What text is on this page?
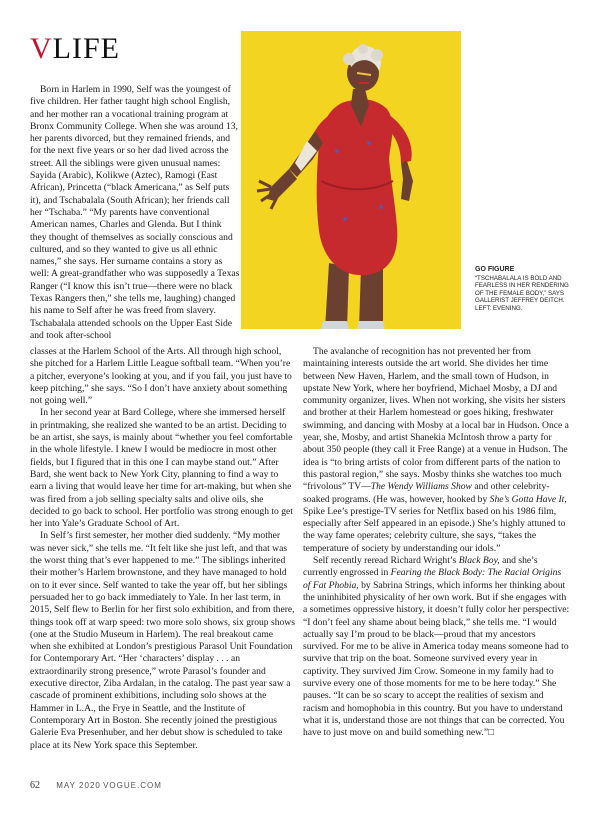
VLIFE
GO FIGURE
“TSCHABALALA IS BOLD AND FEARLESS IN HER RENDERING OF THE FEMALE BODY,” SAYS GALLERIST JEFFREY DEITCH. LEFT: EVENING.

Born in Harlem in 1990, Self was the youngest of five children. Her father taught high school English, and her mother ran a vocational training program at Bronx Community College. When she was around 13, her parents divorced, but they remained friends, and for the next five years or so her dad lived across the street. All the siblings were given unusual names: Sayida (Arabic), Kolikwe (Aztec), Ramogi (East African), Princetta (“black Americana,” as Self puts it), and Tschabalala (South African); her friends call her “Tschaba.” “My parents have conventional American names, Charles and Glenda. But I think they thought of themselves as socially conscious and cultured, and so they wanted to give us all ethnic names,” she says. Her surname contains a story as well: A great-grandfather who was supposedly a Texas Ranger (“I know this isn’t true—there were no black Texas Rangers then,” she tells me, laughing) changed his name to Self after he was freed from slavery. Tschabalala attended schools on the Upper East Side and took after-school

classes at the Harlem School of the Arts. All through high school, she pitched for a Harlem Little League softball team. “When you’re a pitcher, everyone’s looking at you, and if you fail, you just have to keep pitching,” she says. “So I don’t have anxiety about something not going well.”

In her second year at Bard College, where she immersed herself in printmaking, she realized she wanted to be an artist. Deciding to be an artist, she says, is mainly about “whether you feel comfortable in the whole lifestyle. I knew I would be mediocre in most other fields, but I figured that in this one I can maybe stand out.” After Bard, she went back to New York City, planning to find a way to earn a living that would leave her time for art-making, but when she was fired from a job selling specialty salts and olive oils, she decided to go back to school. Her portfolio was strong enough to get her into Yale’s Graduate School of Art.

In Self’s first semester, her mother died suddenly. “My mother was never sick,” she tells me. “It felt like she just left, and that was the worst thing that’s ever happened to me.” The siblings inherited their mother’s Harlem brownstone, and they have managed to hold on to it ever since. Self wanted to take the year off, but her siblings persuaded her to go back immediately to Yale. In her last term, in 2015, Self flew to Berlin for her first solo exhibition, and from there, things took off at warp speed: two more solo shows, six group shows (one at the Studio Museum in Harlem). The real breakout came when she exhibited at London’s prestigious Parasol Unit Foundation for Contemporary Art. “Her ‘characters’ display . . . an extraordinarily strong presence,” wrote Parasol’s founder and executive director, Ziba Ardalan, in the catalog. The past year saw a cascade of prominent exhibitions, including solo shows at the Hammer in L.A., the Frye in Seattle, and the Institute of Contemporary Art in Boston. She recently joined the prestigious Galerie Eva Presenhuber, and her debut show is scheduled to take place at its New York space this September.

The avalanche of recognition has not prevented her from maintaining interests outside the art world. She divides her time between New Haven, Harlem, and the small town of Hudson, in upstate New York, where her boyfriend, Michael Mosby, a DJ and community organizer, lives. When not working, she visits her sisters and brother at their Harlem homestead or goes hiking, freshwater swimming, and dancing with Mosby at a local bar in Hudson. Once a year, she, Mosby, and artist Shanekia McIntosh throw a party for about 350 people (they call it Free Range) at a venue in Hudson. The idea is “to bring artists of color from different parts of the nation to this pastoral region,” she says. Mosby thinks she watches too much “frivolous” TV—The Wendy Williams Show and other celebrity-soaked programs. (He was, however, hooked by She’s Gotta Have It, Spike Lee’s prestige-TV series for Netflix based on his 1986 film, especially after Self appeared in an episode.) She’s highly attuned to the way fame operates; celebrity culture, she says, “takes the temperature of society by understanding our idols.”

Self recently reread Richard Wright’s Black Boy, and she’s currently engrossed in Fearing the Black Body: The Racial Origins of Fat Phobia, by Sabrina Strings, which informs her thinking about the uninhibited physicality of her own work. But if she engages with a sometimes oppressive history, it doesn’t fully color her perspective: “I don’t feel any shame about being black,” she tells me. “I would actually say I’m proud to be black—proud that my ancestors survived. For me to be alive in America today means someone had to survive that trip on the boat. Someone survived every year in captivity. They survived Jim Crow. Someone in my family had to survive every one of those moments for me to be here today.” She pauses. “It can be so scary to accept the realities of sexism and racism and homophobia in this country. But you have to understand what it is, understand those are not things that can be corrected. You have to just move on and build something new.”□

62 MAY 2020 VOGUE.COM
